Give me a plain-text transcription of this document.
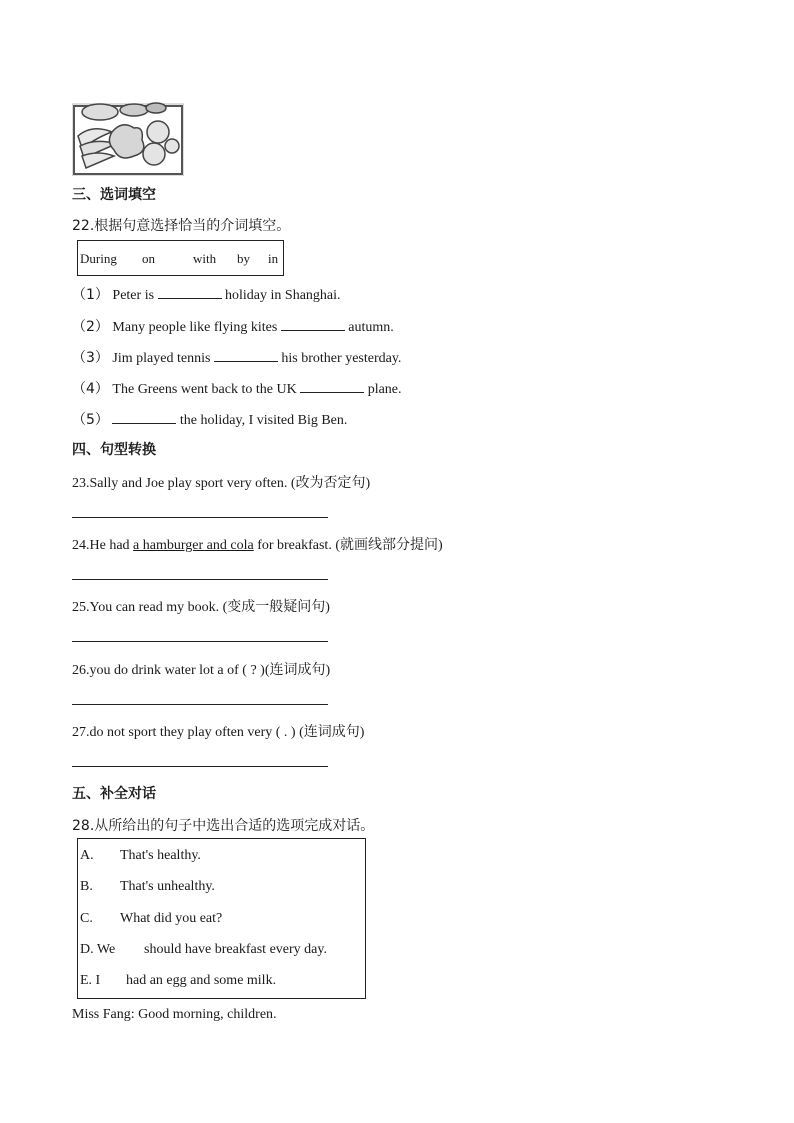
三、选词填空
22.根据句意选择恰当的介词填空。
During on	with by in
（1） Peter is	holiday in Shanghai.
（2） Many people like flying kites	autumn.
（3） Jim played tennis	his brother yesterday.
（4） The Greens went back to the UK	plane.
（5）	the holiday, I visited Big Ben.
四、句型转换
23.Sally and Joe play sport very often. (改为否定句)
24.He had a hamburger and cola for breakfast. (就画线部分提问)
25.You can read my book. (变成一般疑问句)
26.you do drink water lot a of ( ? )(连词成句)
27.do not sport they play often very ( . ) (连词成句)
五、补全对话
28.从所给出的句子中选出合适的选项完成对话。
A. That's healthy.
B. That's unhealthy.
C. What did you eat?
D. We should have breakfast every day.
E. I had an egg and some milk.
Miss Fang: Good morning, children.
